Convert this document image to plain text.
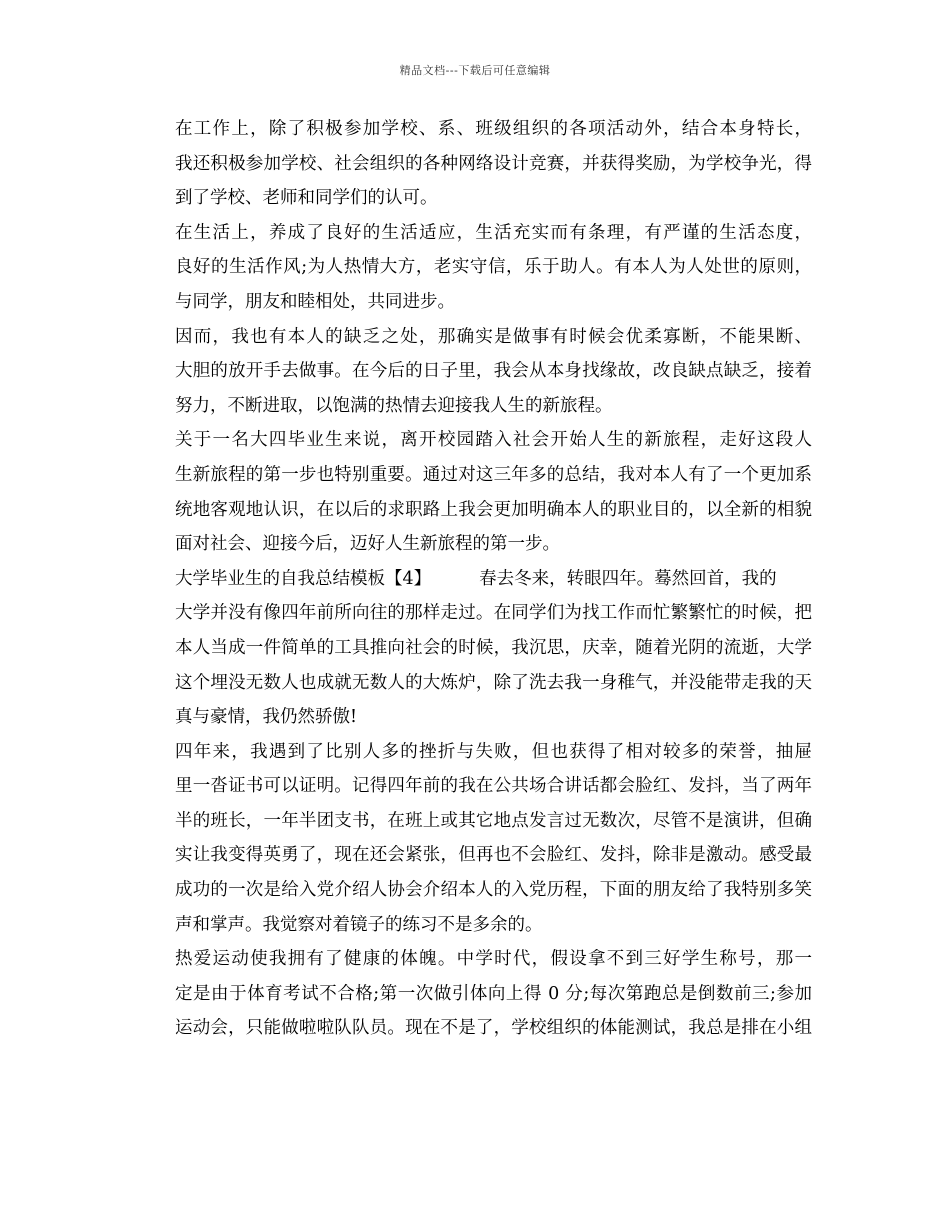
精品文档---下载后可任意编辑
在工作上，除了积极参加学校、系、班级组织的各项活动外，结合本身特长，
我还积极参加学校、社会组织的各种网络设计竞赛，并获得奖励，为学校争光，得
到了学校、老师和同学们的认可。
在生活上，养成了良好的生活适应，生活充实而有条理，有严谨的生活态度，
良好的生活作风;为人热情大方，老实守信，乐于助人。有本人为人处世的原则，
与同学，朋友和睦相处，共同进步。
因而，我也有本人的缺乏之处，那确实是做事有时候会优柔寡断，不能果断、
大胆的放开手去做事。在今后的日子里，我会从本身找缘故，改良缺点缺乏，接着
努力，不断进取，以饱满的热情去迎接我人生的新旅程。
关于一名大四毕业生来说，离开校园踏入社会开始人生的新旅程，走好这段人
生新旅程的第一步也特别重要。通过对这三年多的总结，我对本人有了一个更加系
统地客观地认识，在以后的求职路上我会更加明确本人的职业目的，以全新的相貌
面对社会、迎接今后，迈好人生新旅程的第一步。
大学毕业生的自我总结模板【4】	春去冬来，转眼四年。蓦然回首，我的
大学并没有像四年前所向往的那样走过。在同学们为找工作而忙繁繁忙的时候，把
本人当成一件简单的工具推向社会的时候，我沉思，庆幸，随着光阴的流逝，大学
这个埋没无数人也成就无数人的大炼炉，除了洗去我一身稚气，并没能带走我的天
真与豪情，我仍然骄傲!
四年来，我遇到了比别人多的挫折与失败，但也获得了相对较多的荣誉，抽屉
里一沓证书可以证明。记得四年前的我在公共场合讲话都会脸红、发抖，当了两年
半的班长，一年半团支书，在班上或其它地点发言过无数次，尽管不是演讲，但确
实让我变得英勇了，现在还会紧张，但再也不会脸红、发抖，除非是激动。感受最
成功的一次是给入党介绍人协会介绍本人的入党历程，下面的朋友给了我特别多笑
声和掌声。我觉察对着镜子的练习不是多余的。
热爱运动使我拥有了健康的体魄。中学时代，假设拿不到三好学生称号，那一
定是由于体育考试不合格;第一次做引体向上得 0 分;每次第跑总是倒数前三;参加
运动会，只能做啦啦队队员。现在不是了，学校组织的体能测试，我总是排在小组
